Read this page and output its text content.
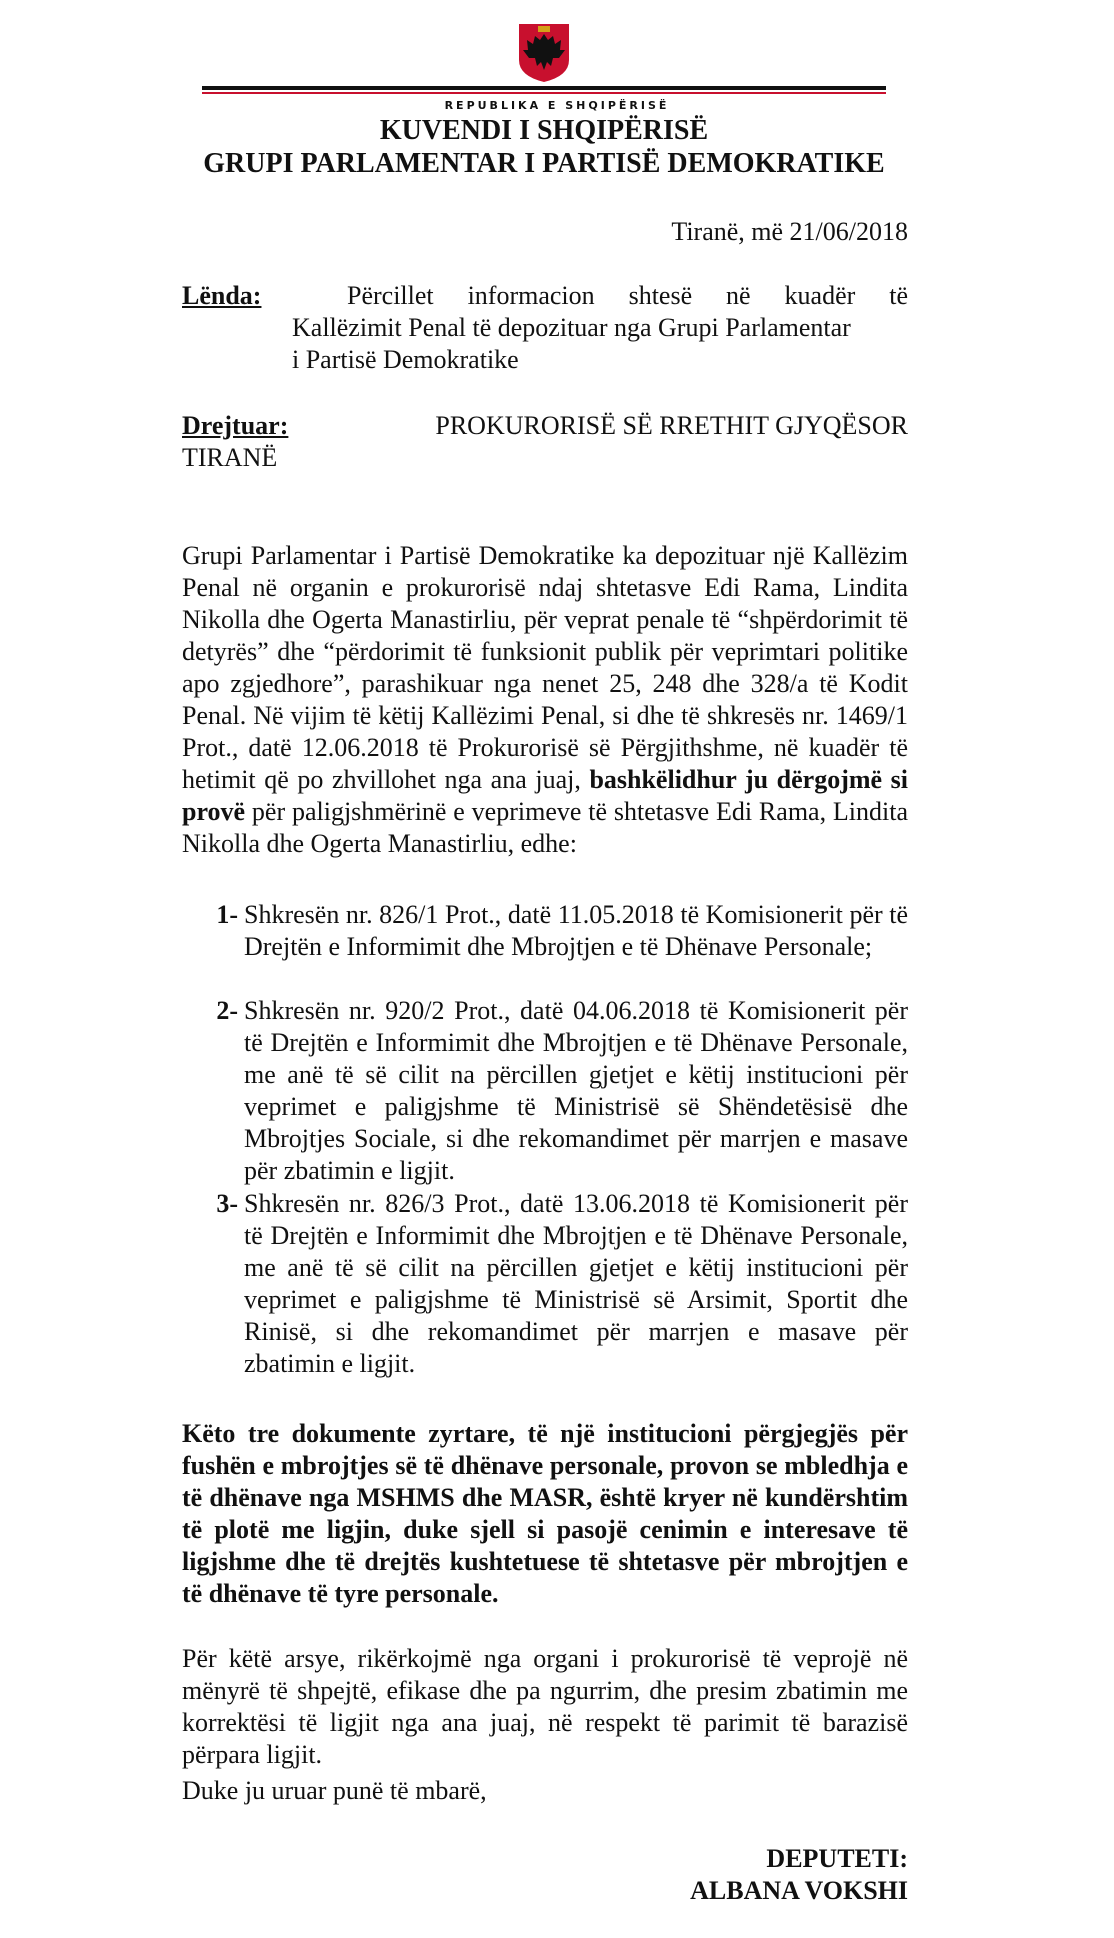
REPUBLIKA E SHQIPËRISË
KUVENDI I SHQIPËRISË
GRUPI PARLAMENTAR I PARTISË DEMOKRATIKE
Tiranë, më 21/06/2018
Lënda:	Përcillet informacion shtesë në kuadër të
Kallëzimit Penal të depozituar nga Grupi Parlamentar
i Partisë Demokratike
Drejtuar:	PROKURORISË SË RRETHIT GJYQËSOR
TIRANË
Grupi Parlamentar i Partisë Demokratike ka depozituar një Kallëzim Penal në organin e prokurorisë ndaj shtetasve Edi Rama, Lindita Nikolla dhe Ogerta Manastirliu, për veprat penale të “shpërdorimit të detyrës” dhe “përdorimit të funksionit publik për veprimtari politike apo zgjedhore”, parashikuar nga nenet 25, 248 dhe 328/a të Kodit Penal. Në vijim të këtij Kallëzimi Penal, si dhe të shkresës nr. 1469/1 Prot., datë 12.06.2018 të Prokurorisë së Përgjithshme, në kuadër të hetimit që po zhvillohet nga ana juaj, bashkëlidhur ju dërgojmë si provë për paligjshmërinë e veprimeve të shtetasve Edi Rama, Lindita Nikolla dhe Ogerta Manastirliu, edhe:
1- Shkresën nr. 826/1 Prot., datë 11.05.2018 të Komisionerit për të Drejtën e Informimit dhe Mbrojtjen e të Dhënave Personale;
2- Shkresën nr. 920/2 Prot., datë 04.06.2018 të Komisionerit për të Drejtën e Informimit dhe Mbrojtjen e të Dhënave Personale, me anë të së cilit na përcillen gjetjet e këtij institucioni për veprimet e paligjshme të Ministrisë së Shëndetësisë dhe Mbrojtjes Sociale, si dhe rekomandimet për marrjen e masave për zbatimin e ligjit.
3- Shkresën nr. 826/3 Prot., datë 13.06.2018 të Komisionerit për të Drejtën e Informimit dhe Mbrojtjen e të Dhënave Personale, me anë të së cilit na përcillen gjetjet e këtij institucioni për veprimet e paligjshme të Ministrisë së Arsimit, Sportit dhe Rinisë, si dhe rekomandimet për marrjen e masave për zbatimin e ligjit.
Këto tre dokumente zyrtare, të një institucioni përgjegjës për fushën e mbrojtjes së të dhënave personale, provon se mbledhja e të dhënave nga MSHMS dhe MASR, është kryer në kundërshtim të plotë me ligjin, duke sjell si pasojë cenimin e interesave të ligjshme dhe të drejtës kushtetuese të shtetasve për mbrojtjen e të dhënave të tyre personale.
Për këtë arsye, rikërkojmë nga organi i prokurorisë të veprojë në mënyrë të shpejtë, efikase dhe pa ngurrim, dhe presim zbatimin me korrektësi të ligjit nga ana juaj, në respekt të parimit të barazisë përpara ligjit.
Duke ju uruar punë të mbarë,
DEPUTETI:
ALBANA VOKSHI
